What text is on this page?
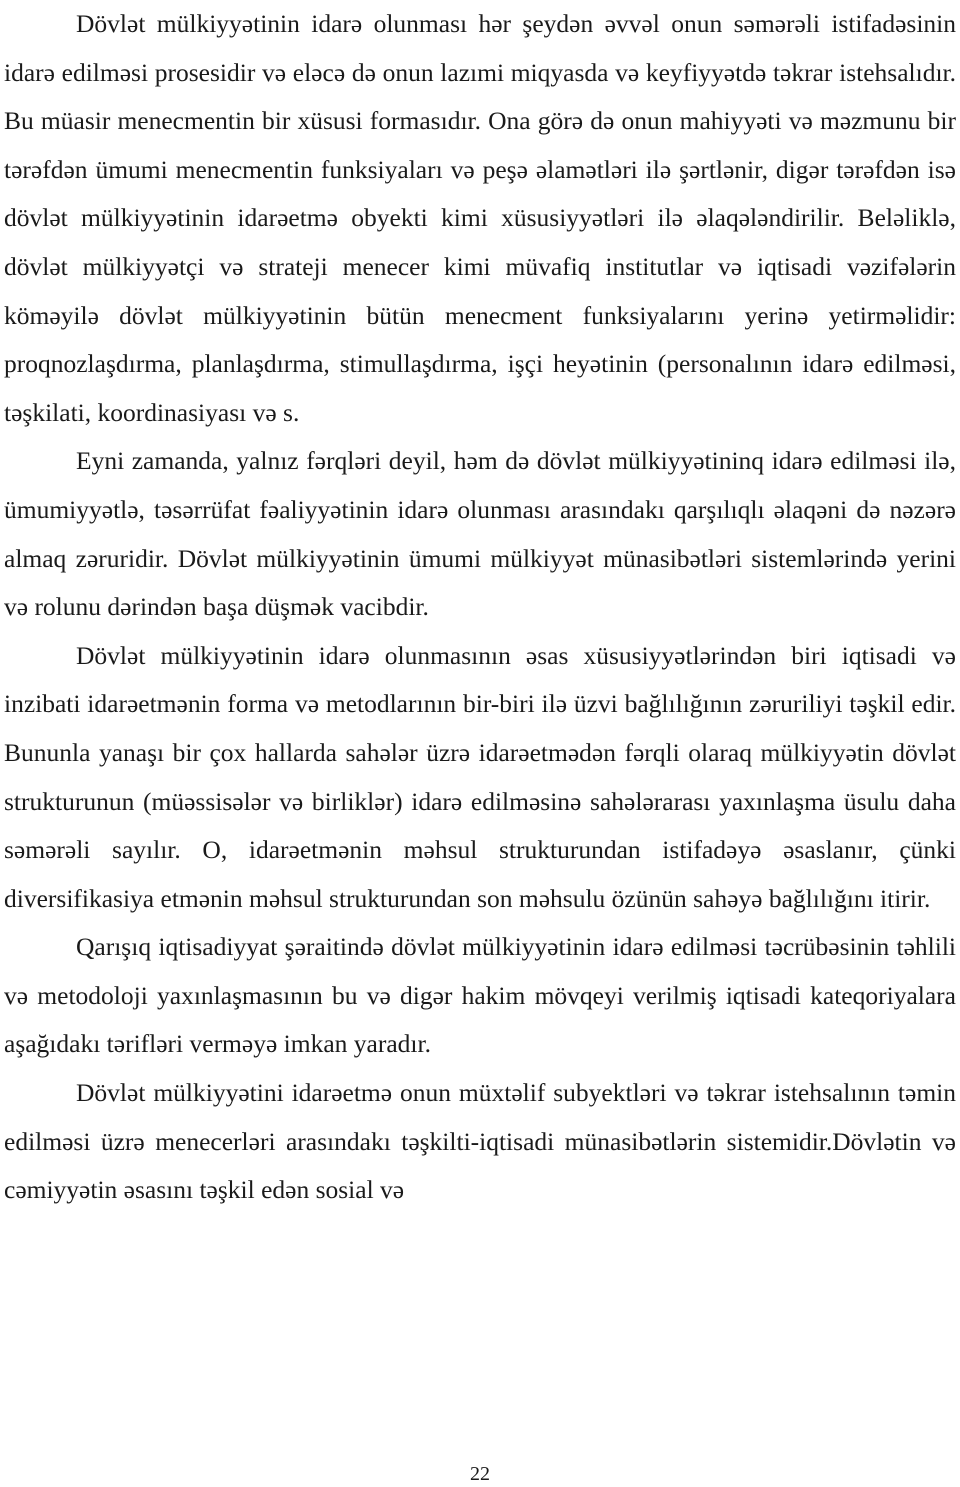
Dövlət mülkiyyətinin idarə olunması hər şeydən əvvəl onun səmərəli istifadəsinin idarə edilməsi prosesidir və eləcə də onun lazımi miqyasda və keyfiyyətdə təkrar istehsalıdır. Bu müasir menecmentin bir xüsusi formasıdır. Ona görə də onun mahiyyəti və məzmunu bir tərəfdən ümumi menecmentin funksiyaları və peşə əlamətləri ilə şərtlənir, digər tərəfdən isə dövlət mülkiyyətinin idarəetmə obyekti kimi xüsusiyyətləri ilə əlaqələndirilir. Beləliklə, dövlət mülkiyyətçi və strateji menecer kimi müvafiq institutlar və iqtisadi vəzifələrin köməyilə dövlət mülkiyyətinin bütün menecment funksiyalarını yerinə yetirməlidir: proqnozlaşdırma, planlaşdırma, stimullaşdırma, işçi heyətinin (personalının idarə edilməsi, təşkilati, koordinasiyası və s.

Eyni zamanda, yalnız fərqləri deyil, həm də dövlət mülkiyyətininq idarə edilməsi ilə, ümumiyyətlə, təsərrüfat fəaliyyətinin idarə olunması arasındakı qarşılıqlı əlaqəni də nəzərə almaq zəruridir. Dövlət mülkiyyətinin ümumi mülkiyyət münasibətləri sistemlərində yerini və rolunu dərindən başa düşmək vacibdir.

Dövlət mülkiyyətinin idarə olunmasının əsas xüsusiyyətlərindən biri iqtisadi və inzibati idarəetmənin forma və metodlarının bir-biri ilə üzvi bağlılığının zəruriliyi təşkil edir. Bununla yanaşı bir çox hallarda sahələr üzrə idarəetmədən fərqli olaraq mülkiyyətin dövlət strukturunun (müəssisələr və birliklər) idarə edilməsinə sahələrarası yaxınlaşma üsulu daha səmərəli sayılır. O, idarəetmənin məhsul strukturundan istifadəyə əsaslanır, çünki diversifikasiya etmənin məhsul strukturundan son məhsulu özünün sahəyə bağlılığını itirir.

Qarışıq iqtisadiyyat şəraitində dövlət mülkiyyətinin idarə edilməsi təcrübəsinin təhlili və metodoloji yaxınlaşmasının bu və digər hakim mövqeyi verilmiş iqtisadi kateqoriyalara aşağıdakı tərifləri verməyə imkan yaradır.

Dövlət mülkiyyətini idarəetmə onun müxtəlif subyektləri və təkrar istehsalının təmin edilməsi üzrə menecerləri arasındakı təşkilti-iqtisadi münasibətlərin sistemidir.Dövlətin və cəmiyyətin əsasını təşkil edən sosial və

22
